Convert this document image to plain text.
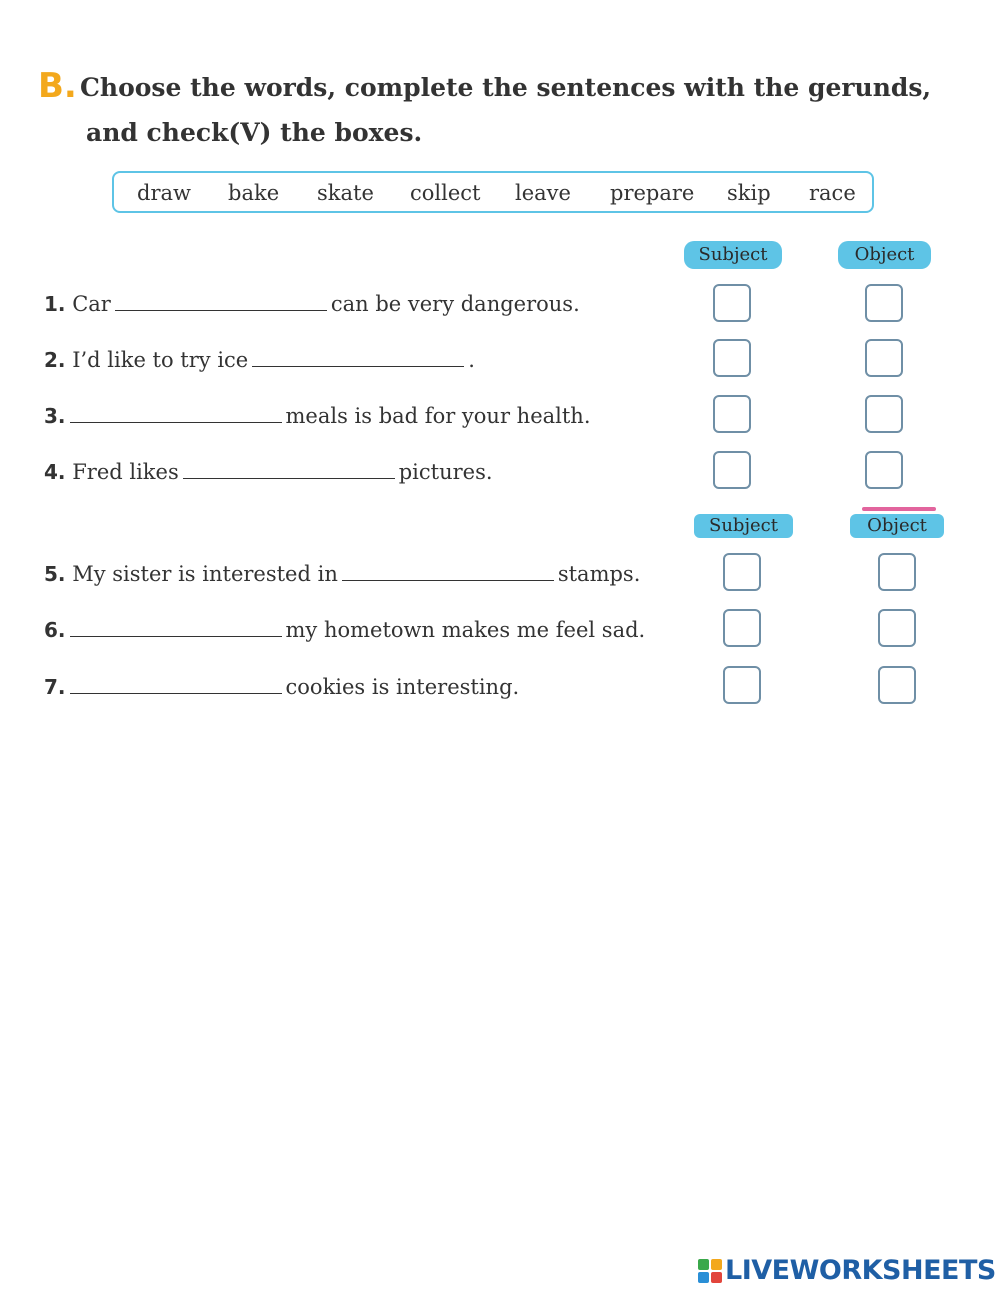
B. Choose the words, complete the sentences with the gerunds,
and check(V) the boxes.
draw bake skate collect leave prepare skip race
Subject	Object
1. Car	can be very dangerous.
2. I’d like to try ice	.
3.	meals is bad for your health.
4. Fred likes	pictures.
Subject	Object
5. My sister is interested in	stamps.
6.	my hometown makes me feel sad.
7.	cookies is interesting.
LIVEWORKSHEETS
